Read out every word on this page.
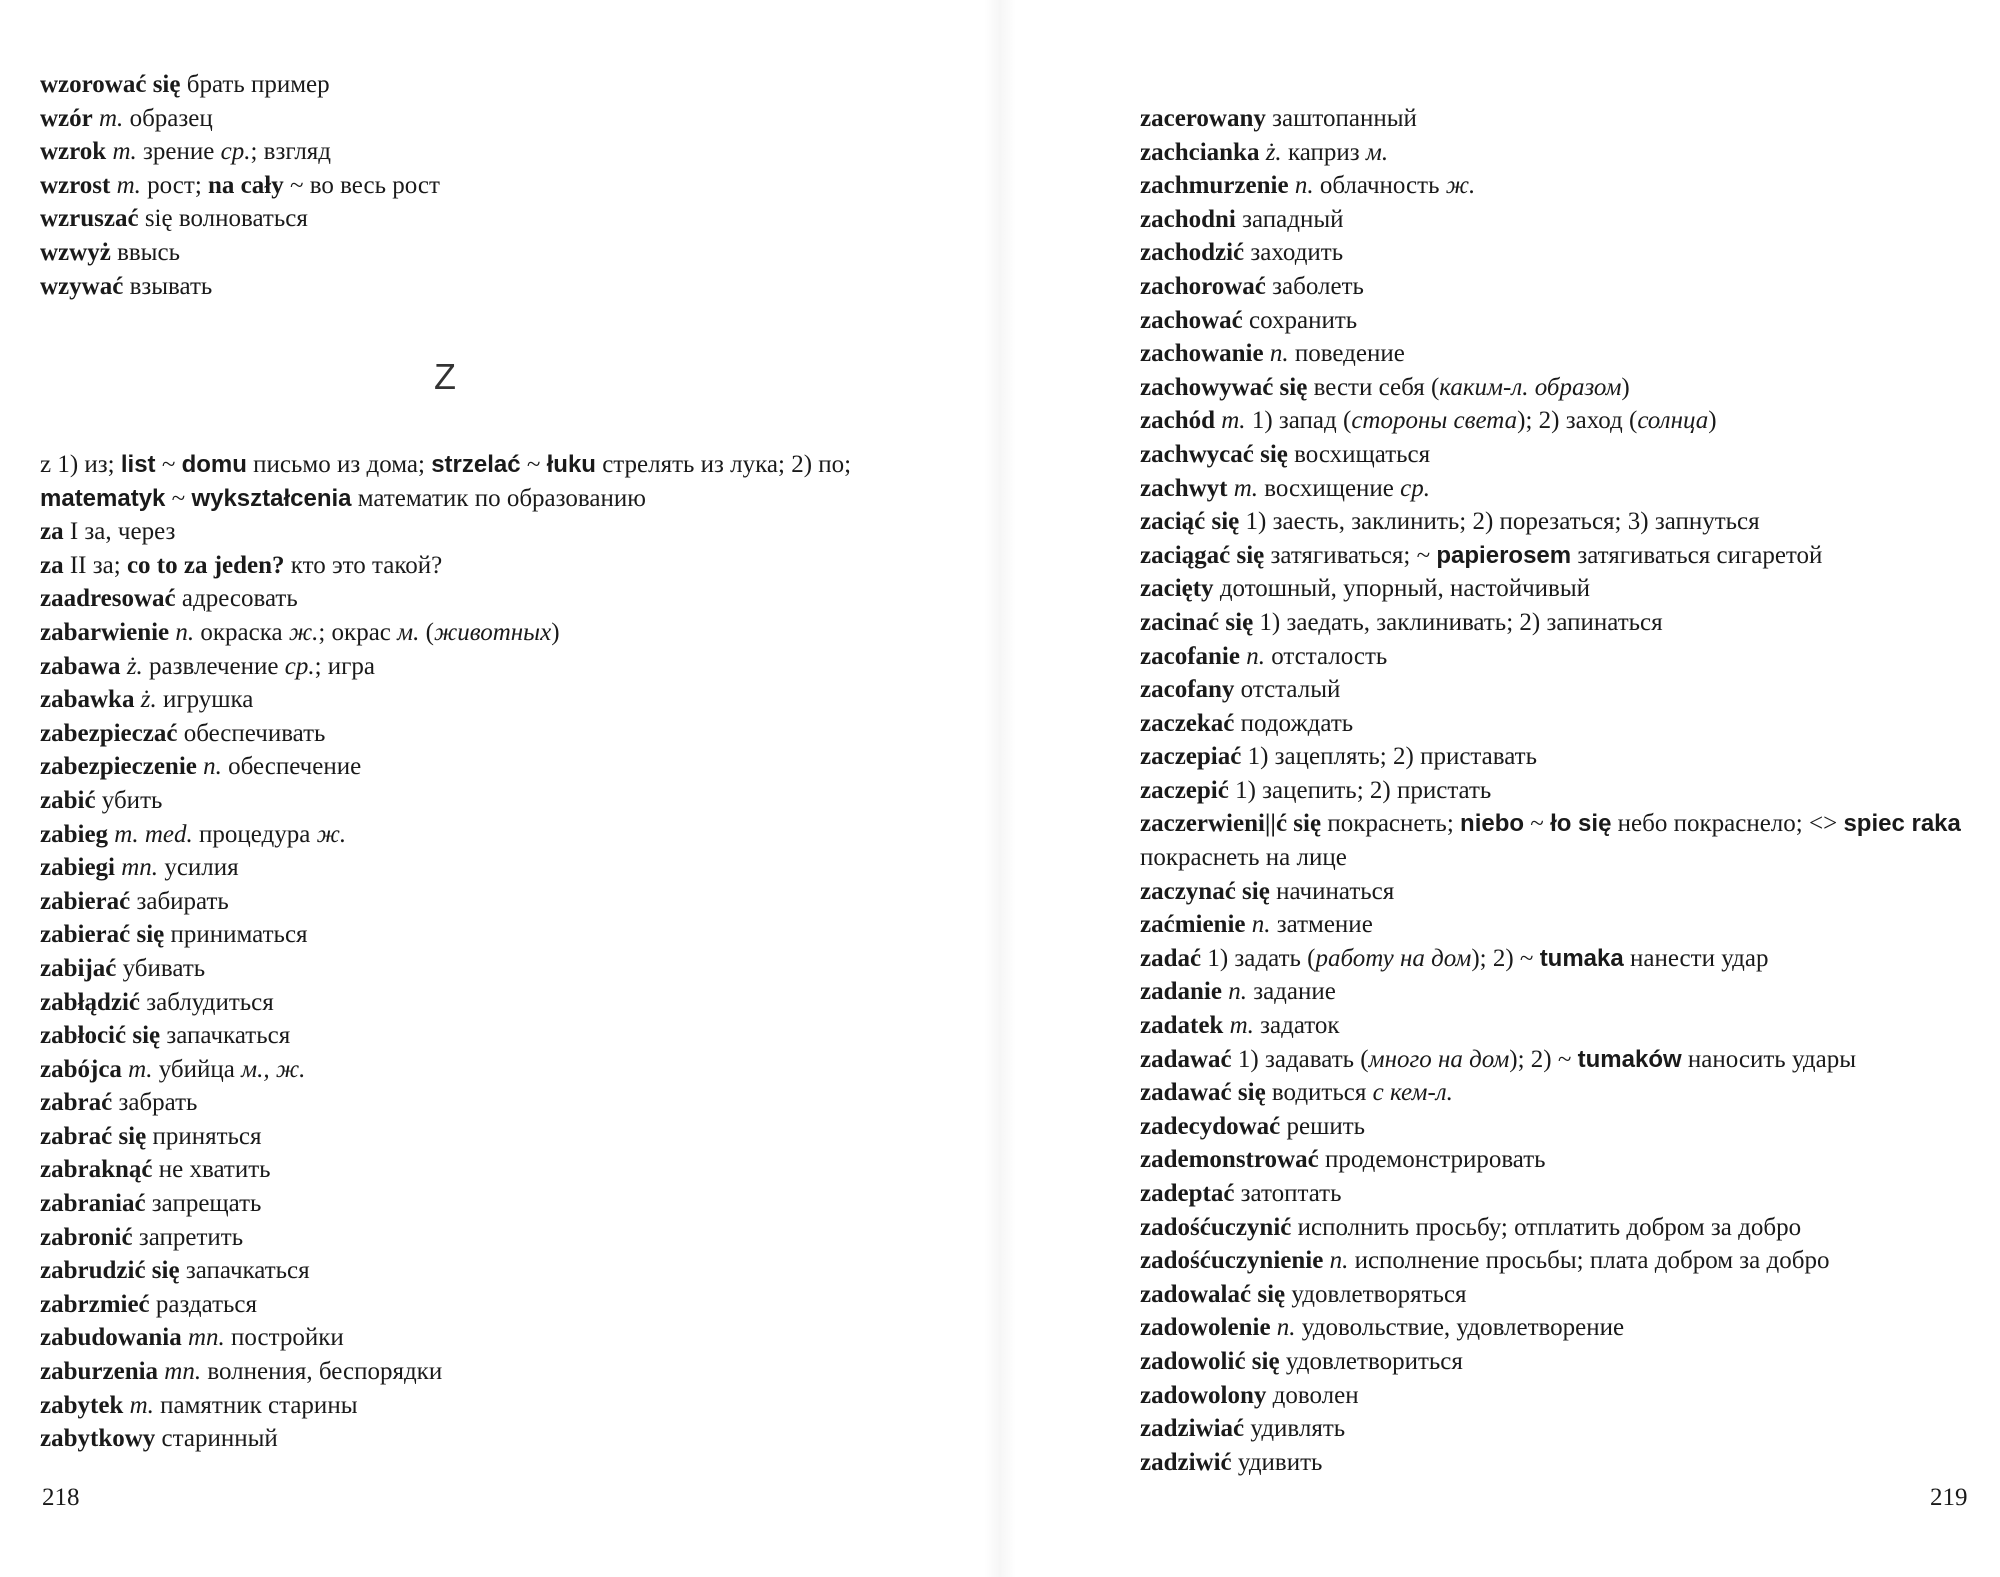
wzorować się брать пример
wzór m. образец
wzrok m. зрение ср.; взгляд
wzrost m. рост; na cały ~ во весь рост
wzruszać się волноваться
wzwyż ввысь
wzywać взывать
Z
z 1) из; list ~ domu письмо из дома; strzelać ~ łuku стрелять из лука; 2) по; matematyk ~ wykształcenia математик по образованию
za I за, через
za II за; co to za jeden? кто это такой?
zaadresować адресовать
zabarwienie n. окраска ж.; окрас м. (животных)
zabawa ż. развлечение ср.; игра
zabawka ż. игрушка
zabezpieczać обеспечивать
zabezpieczenie n. обеспечение
zabić убить
zabieg m. med. процедура ж.
zabiegi mn. усилия
zabierać забирать
zabierać się приниматься
zabijać убивать
zabłądzić заблудиться
zabłocić się запачкаться
zabójca m. убийца м., ж.
zabrać забрать
zabrać się приняться
zabraknąć не хватить
zabraniać запрещать
zabronić запретить
zabrudzić się запачкаться
zabrzmieć раздаться
zabudowania mn. постройки
zaburzenia mn. волнения, беспорядки
zabytek m. памятник старины
zabytkowy старинный
218
zacerowany заштопанный
zachcianka ż. каприз м.
zachmurzenie n. облачность ж.
zachodni западный
zachodzić заходить
zachorować заболеть
zachować сохранить
zachowanie n. поведение
zachowywać się вести себя (каким-л. образом)
zachód m. 1) запад (стороны света); 2) заход (солнца)
zachwycać się восхищаться
zachwyt m. восхищение ср.
zaciąć się 1) заесть, заклинить; 2) порезаться; 3) запнуться
zaciągać się затягиваться; ~ papierosem затягиваться сигаретой
zacięty дотошный, упорный, настойчивый
zacinać się 1) заедать, заклинивать; 2) запинаться
zacofanie n. отсталость
zacofany отсталый
zaczekać подождать
zaczepiać 1) зацеплять; 2) приставать
zaczepić 1) зацепить; 2) пристать
zaczerwieni||ć się покраснеть; niebo ~ ło się небо покраснело; <> spiec raka покраснеть на лице
zaczynać się начинаться
zaćmienie n. затмение
zadać 1) задать (работу на дом); 2) ~ tumaka нанести удар
zadanie n. задание
zadatek m. задаток
zadawać 1) задавать (много на дом); 2) ~ tumaków наносить удары
zadawać się водиться с кем-л.
zadecydować решить
zademonstrować продемонстрировать
zadeptać затоптать
zadośćuczynić исполнить просьбу; отплатить добром за добро
zadośćuczynienie n. исполнение просьбы; плата добром за добро
zadowalać się удовлетворяться
zadowolenie n. удовольствие, удовлетворение
zadowolić się удовлетвориться
zadowolony доволен
zadziwiać удивлять
zadziwić удивить
219
